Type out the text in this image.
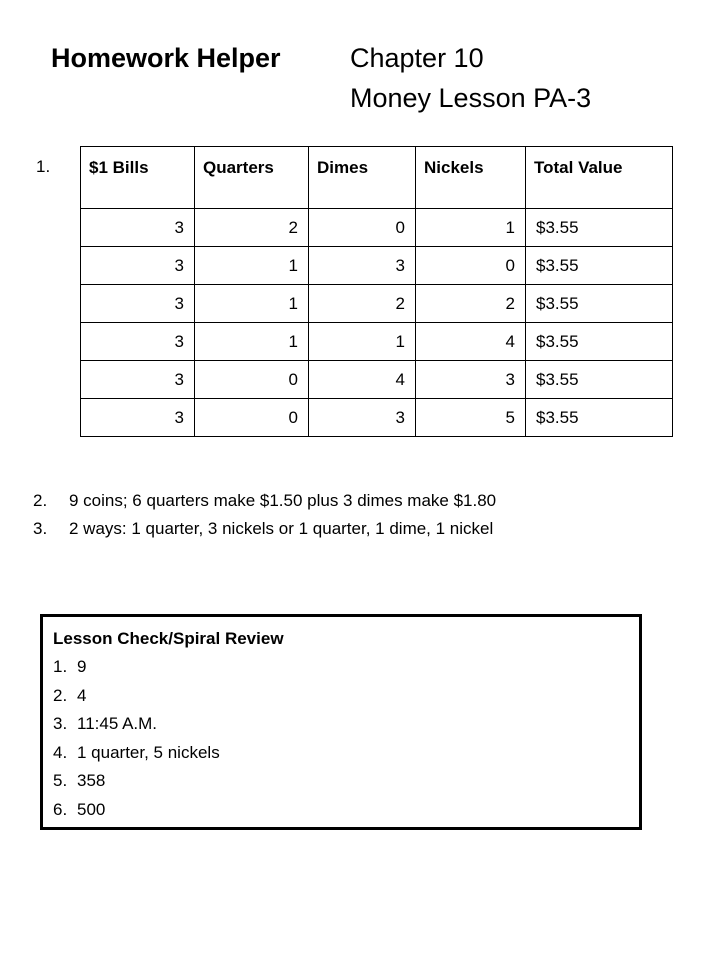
Homework Helper	Chapter 10
Money Lesson PA-3
1. $1 Bills	Quarters	Dimes	Nickels	Total Value
3	2	0	1	$3.55
3	1	3	0	$3.55
3	1	2	2	$3.55
3	1	1	4	$3.55
3	0	4	3	$3.55
3	0	3	5	$3.55
2. 9 coins; 6 quarters make $1.50 plus 3 dimes make $1.80
3. 2 ways: 1 quarter, 3 nickels or 1 quarter, 1 dime, 1 nickel
Lesson Check/Spiral Review
1. 9
2. 4
3. 11:45 A.M.
4. 1 quarter, 5 nickels
5. 358
6. 500
